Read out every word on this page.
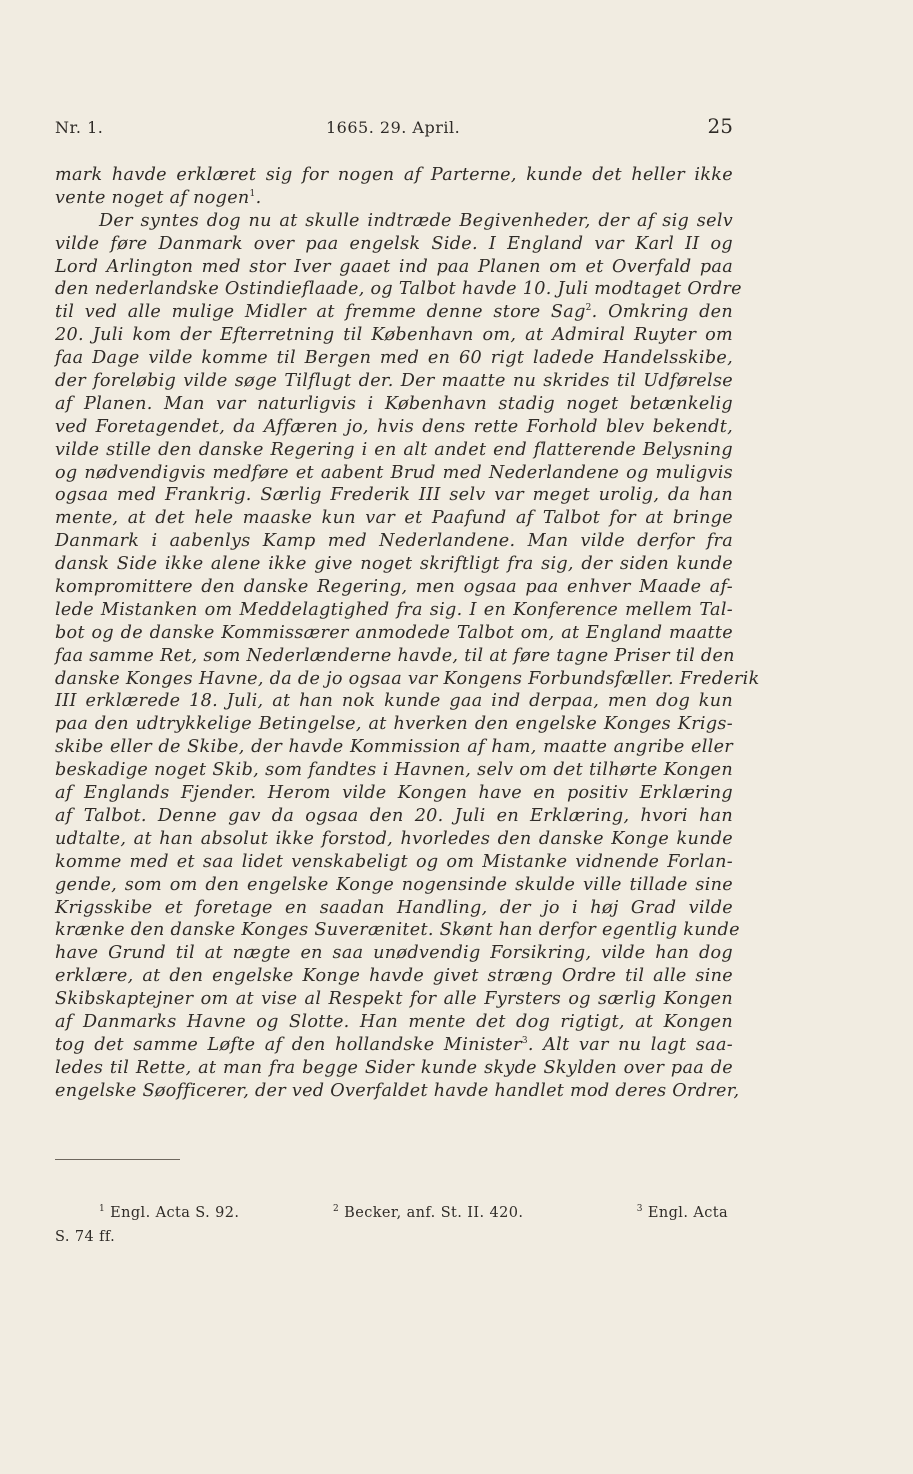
Nr. 1.	1665. 29. April.	25
mark havde erklæret sig for nogen af Parterne, kunde det heller ikke
vente noget af nogen$^1$.
Der syntes dog nu at skulle indtræde Begivenheder, der af sig selv
vilde føre Danmark over paa engelsk Side. I England var Karl II og
Lord Arlington med stor Iver gaaet ind paa Planen om et Overfald paa
den nederlandske Ostindieflaade, og Talbot havde 10. Juli modtaget Ordre
til ved alle mulige Midler at fremme denne store Sag$^2$. Omkring den
20. Juli kom der Efterretning til København om, at Admiral Ruyter om
faa Dage vilde komme til Bergen med en 60 rigt ladede Handelsskibe,
der foreløbig vilde søge Tilflugt der. Der maatte nu skrides til Udførelse
af Planen. Man var naturligvis i København stadig noget betænkelig
ved Foretagendet, da Affæren jo, hvis dens rette Forhold blev bekendt,
vilde stille den danske Regering i en alt andet end flatterende Belysning
og nødvendigvis medføre et aabent Brud med Nederlandene og muligvis
ogsaa med Frankrig. Særlig Frederik III selv var meget urolig, da han
mente, at det hele maaske kun var et Paafund af Talbot for at bringe
Danmark i aabenlys Kamp med Nederlandene. Man vilde derfor fra
dansk Side ikke alene ikke give noget skriftligt fra sig, der siden kunde
kompromittere den danske Regering, men ogsaa paa enhver Maade af-
lede Mistanken om Meddelagtighed fra sig. I en Konference mellem Tal-
bot og de danske Kommissærer anmodede Talbot om, at England maatte
faa samme Ret, som Nederlænderne havde, til at føre tagne Priser til den
danske Konges Havne, da de jo ogsaa var Kongens Forbundsfæller. Frederik
III erklærede 18. Juli, at han nok kunde gaa ind derpaa, men dog kun
paa den udtrykkelige Betingelse, at hverken den engelske Konges Krigs-
skibe eller de Skibe, der havde Kommission af ham, maatte angribe eller
beskadige noget Skib, som fandtes i Havnen, selv om det tilhørte Kongen
af Englands Fjender. Herom vilde Kongen have en positiv Erklæring
af Talbot. Denne gav da ogsaa den 20. Juli en Erklæring, hvori han
udtalte, at han absolut ikke forstod, hvorledes den danske Konge kunde
komme med et saa lidet venskabeligt og om Mistanke vidnende Forlan-
gende, som om den engelske Konge nogensinde skulde ville tillade sine
Krigsskibe et foretage en saadan Handling, der jo i høj Grad vilde
krænke den danske Konges Suverænitet. Skønt han derfor egentlig kunde
have Grund til at nægte en saa unødvendig Forsikring, vilde han dog
erklære, at den engelske Konge havde givet stræng Ordre til alle sine
Skibskaptejner om at vise al Respekt for alle Fyrsters og særlig Kongen
af Danmarks Havne og Slotte. Han mente det dog rigtigt, at Kongen
tog det samme Løfte af den hollandske Minister$^3$. Alt var nu lagt saa-
ledes til Rette, at man fra begge Sider kunde skyde Skylden over paa de
engelske Søofficerer, der ved Overfaldet havde handlet mod deres Ordrer,
$^1$ Engl. Acta S. 92.	$^2$ Becker, anf. St. II. 420.	$^3$ Engl. Acta
S. 74 ff.
